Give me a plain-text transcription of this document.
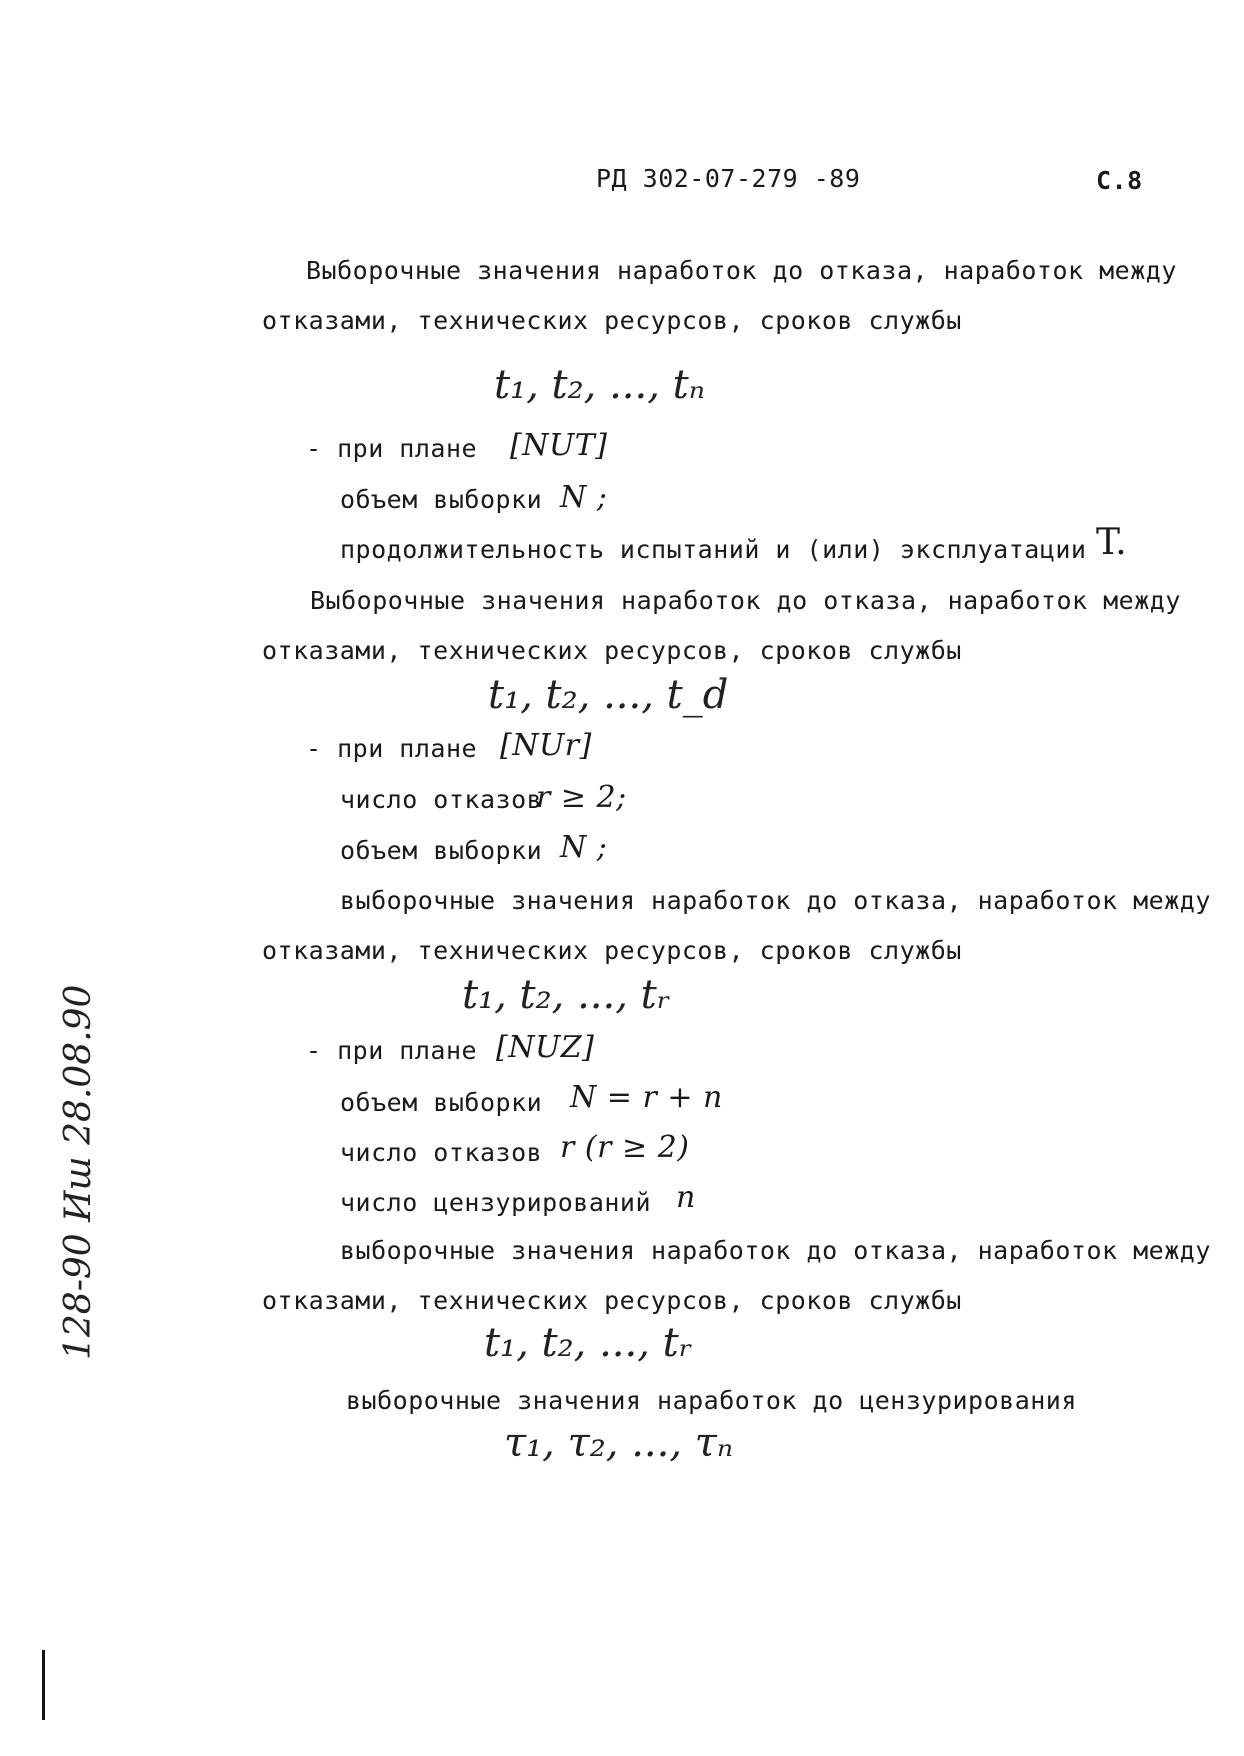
РД 302-07-279 -89	С.8
Выборочные значения наработок до отказа, наработок между
отказами, технических ресурсов, сроков службы
t₁, t₂, ..., tₙ
- при плане [NUT]
объем выборки N ;
продолжительность испытаний и (или) эксплуатации T.
Выборочные значения наработок до отказа, наработок между
отказами, технических ресурсов, сроков службы
t₁, t₂, ..., t_d
- при плане [NUr]
число отказов
r ≥ 2;
объем выборки N ;
выборочные значения наработок до отказа, наработок между
отказами, технических ресурсов, сроков службы
t₁, t₂, ..., tᵣ
- при плане [NUZ]
объем выборки N = r + n
число отказов r (r ≥ 2)
число цензурирований n
выборочные значения наработок до отказа, наработок между
отказами, технических ресурсов, сроков службы
t₁, t₂, ..., tᵣ
выборочные значения наработок до цензурирования
τ₁, τ₂, ..., τₙ
128-90 Иш 28.08.90
